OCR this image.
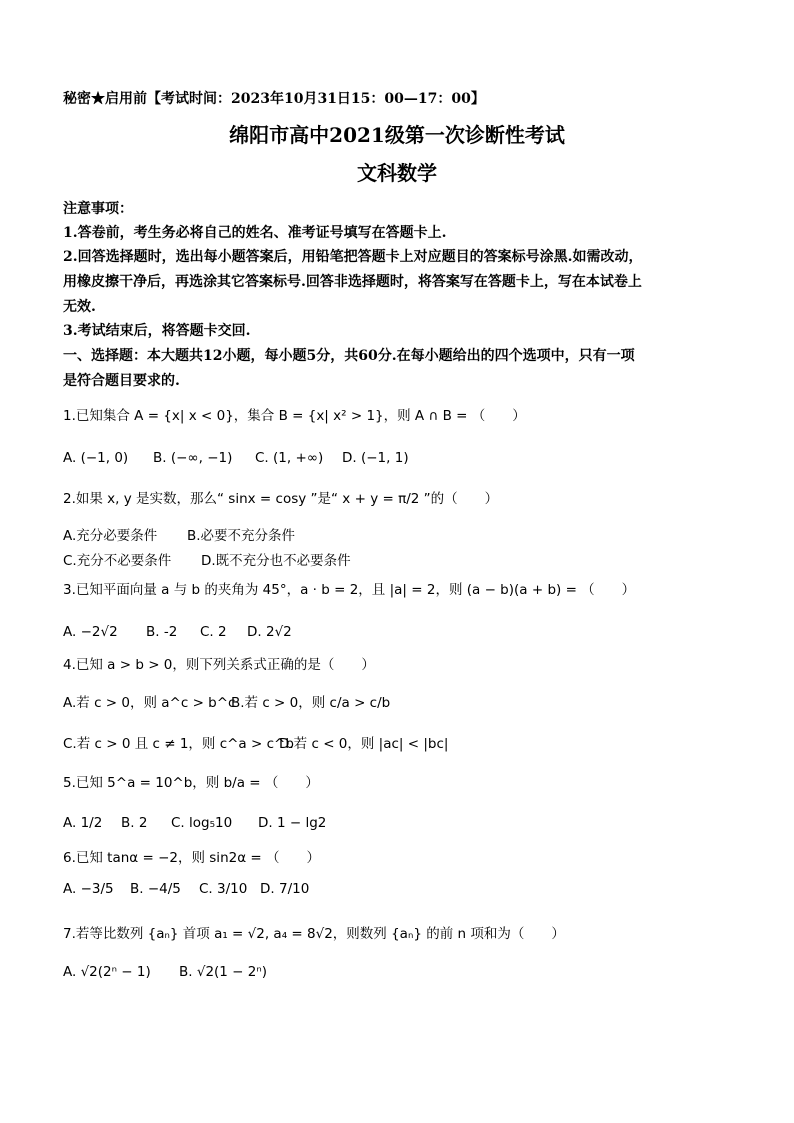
秘密★启用前【考试时间：2023年10月31日15：00—17：00】
绵阳市高中2021级第一次诊断性考试
文科数学
注意事项：
1.答卷前，考生务必将自己的姓名、准考证号填写在答题卡上.
2.回答选择题时，选出每小题答案后，用铅笔把答题卡上对应题目的答案标号涂黑.如需改动，
用橡皮擦干净后，再选涂其它答案标号.回答非选择题时，将答案写在答题卡上，写在本试卷上
无效.
3.考试结束后，将答题卡交回.
一、选择题：本大题共12小题，每小题5分，共60分.在每小题给出的四个选项中，只有一项
是符合题目要求的.
1.已知集合 A = {x| x < 0}，集合 B = {x| x² > 1}，则 A ∩ B = （　　）
A. (−1, 0)	B. (−∞, −1)	C. (1, +∞)	D. (−1, 1)
2.如果 x, y 是实数，那么“ sinx = cosy ”是“ x + y = π/2 ”的（　　）
A.充分必要条件	B.必要不充分条件
C.充分不必要条件	D.既不充分也不必要条件
3.已知平面向量 a 与 b 的夹角为 45°，a · b = 2，且 |a| = 2，则 (a − b)(a + b) = （　　）
A. −2√2	B. -2	C. 2	D. 2√2
4.已知 a > b > 0，则下列关系式正确的是（　　）
A.若 c > 0，则 a^c > b^c
B.若 c > 0，则 c/a > c/b
C.若 c > 0 且 c ≠ 1，则 c^a > c^b
D.若 c < 0，则 |ac| < |bc|
5.已知 5^a = 10^b，则 b/a = （　　）
A. 1/2	B. 2	C. log₅10	D. 1 − lg2
6.已知 tanα = −2，则 sin2α = （　　）
A. −3/5	B. −4/5	C. 3/10 D. 7/10
7.若等比数列 {aₙ} 首项 a₁ = √2, a₄ = 8√2，则数列 {aₙ} 的前 n 项和为（　　）
A. √2(2ⁿ − 1)	B. √2(1 − 2ⁿ)
